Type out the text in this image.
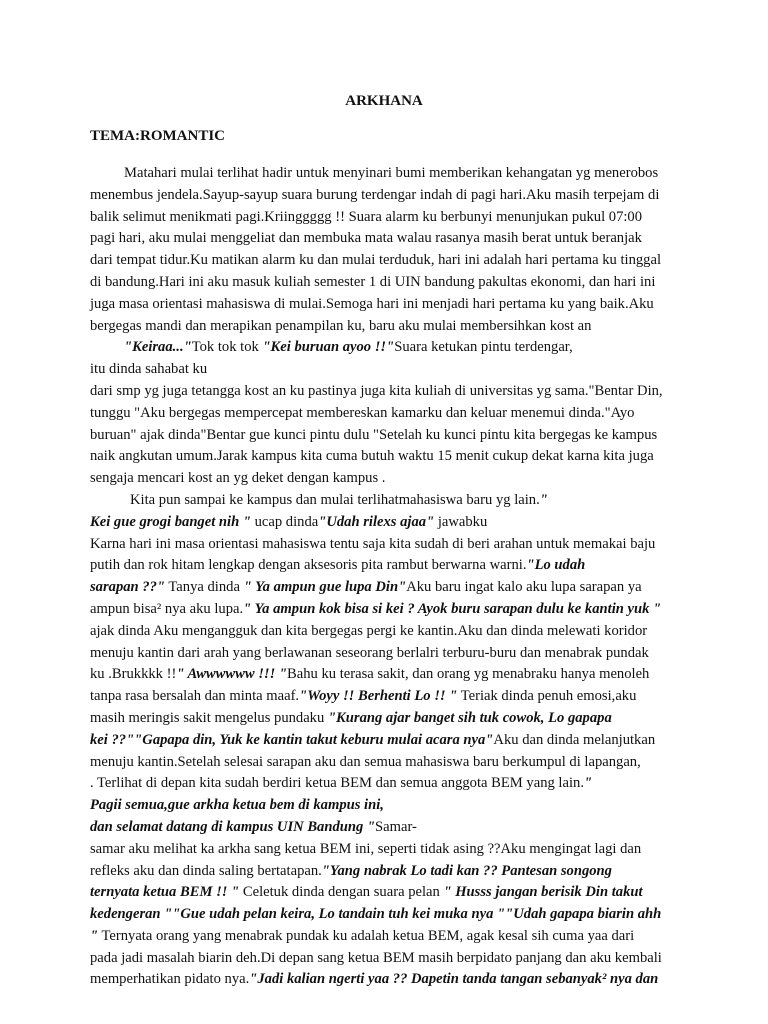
ARKHANA
TEMA:ROMANTIC
Matahari mulai terlihat hadir untuk menyinari bumi memberikan kehangatan yg menerobos
menembus jendela.Sayup-sayup suara burung terdengar indah di pagi hari.Aku masih terpejam di
balik selimut menikmati pagi.Kriinggggg !! Suara alarm ku berbunyi menunjukan pukul 07:00
pagi hari, aku mulai menggeliat dan membuka mata walau rasanya masih berat untuk beranjak
dari tempat tidur.Ku matikan alarm ku dan mulai terduduk, hari ini adalah hari pertama ku tinggal
di bandung.Hari ini aku masuk kuliah semester 1 di UIN bandung pakultas ekonomi, dan hari ini
juga masa orientasi mahasiswa di mulai.Semoga hari ini menjadi hari pertama ku yang baik.Aku
bergegas mandi dan merapikan penampilan ku, baru aku mulai membersihkan kost an
"Keiraa..."Tok tok tok "Kei buruan ayoo !!"Suara ketukan pintu terdengar,
itu dinda sahabat ku
dari smp yg juga tetangga kost an ku pastinya juga kita kuliah di universitas yg sama."Bentar Din,
tunggu "Aku bergegas mempercepat membereskan kamarku dan keluar menemui dinda."Ayo
buruan" ajak dinda"Bentar gue kunci pintu dulu "Setelah ku kunci pintu kita bergegas ke kampus
naik angkutan umum.Jarak kampus kita cuma butuh waktu 15 menit cukup dekat karna kita juga
sengaja mencari kost an yg deket dengan kampus .
Kita pun sampai ke kampus dan mulai terlihatmahasiswa baru yg lain."
Kei gue grogi banget nih " ucap dinda"Udah rilexs ajaa" jawabku
Karna hari ini masa orientasi mahasiswa tentu saja kita sudah di beri arahan untuk memakai baju
putih dan rok hitam lengkap dengan aksesoris pita rambut berwarna warni."Lo udah
sarapan ??" Tanya dinda " Ya ampun gue lupa Din"Aku baru ingat kalo aku lupa sarapan ya
ampun bisa² nya aku lupa." Ya ampun kok bisa si kei ? Ayok buru sarapan dulu ke kantin yuk "
ajak dinda Aku mengangguk dan kita bergegas pergi ke kantin.Aku dan dinda melewati koridor
menuju kantin dari arah yang berlawanan seseorang berlalri terburu-buru dan menabrak pundak
ku .Brukkkk !!" Awwwwww !!! "Bahu ku terasa sakit, dan orang yg menabraku hanya menoleh
tanpa rasa bersalah dan minta maaf."Woyy !! Berhenti Lo !! " Teriak dinda penuh emosi,aku
masih meringis sakit mengelus pundaku "Kurang ajar banget sih tuk cowok, Lo gapapa
kei ??""Gapapa din, Yuk ke kantin takut keburu mulai acara nya"Aku dan dinda melanjutkan
menuju kantin.Setelah selesai sarapan aku dan semua mahasiswa baru berkumpul di lapangan,
. Terlihat di depan kita sudah berdiri ketua BEM dan semua anggota BEM yang lain."
Pagii semua,gue arkha ketua bem di kampus ini,
dan selamat datang di kampus UIN Bandung "Samar-
samar aku melihat ka arkha sang ketua BEM ini, seperti tidak asing ??Aku mengingat lagi dan
refleks aku dan dinda saling bertatapan."Yang nabrak Lo tadi kan ?? Pantesan songong
ternyata ketua BEM !! " Celetuk dinda dengan suara pelan " Husss jangan berisik Din takut
kedengeran ""Gue udah pelan keira, Lo tandain tuh kei muka nya ""Udah gapapa biarin ahh
" Ternyata orang yang menabrak pundak ku adalah ketua BEM, agak kesal sih cuma yaa dari
pada jadi masalah biarin deh.Di depan sang ketua BEM masih berpidato panjang dan aku kembali
memperhatikan pidato nya."Jadi kalian ngerti yaa ?? Dapetin tanda tangan sebanyak² nya dan
